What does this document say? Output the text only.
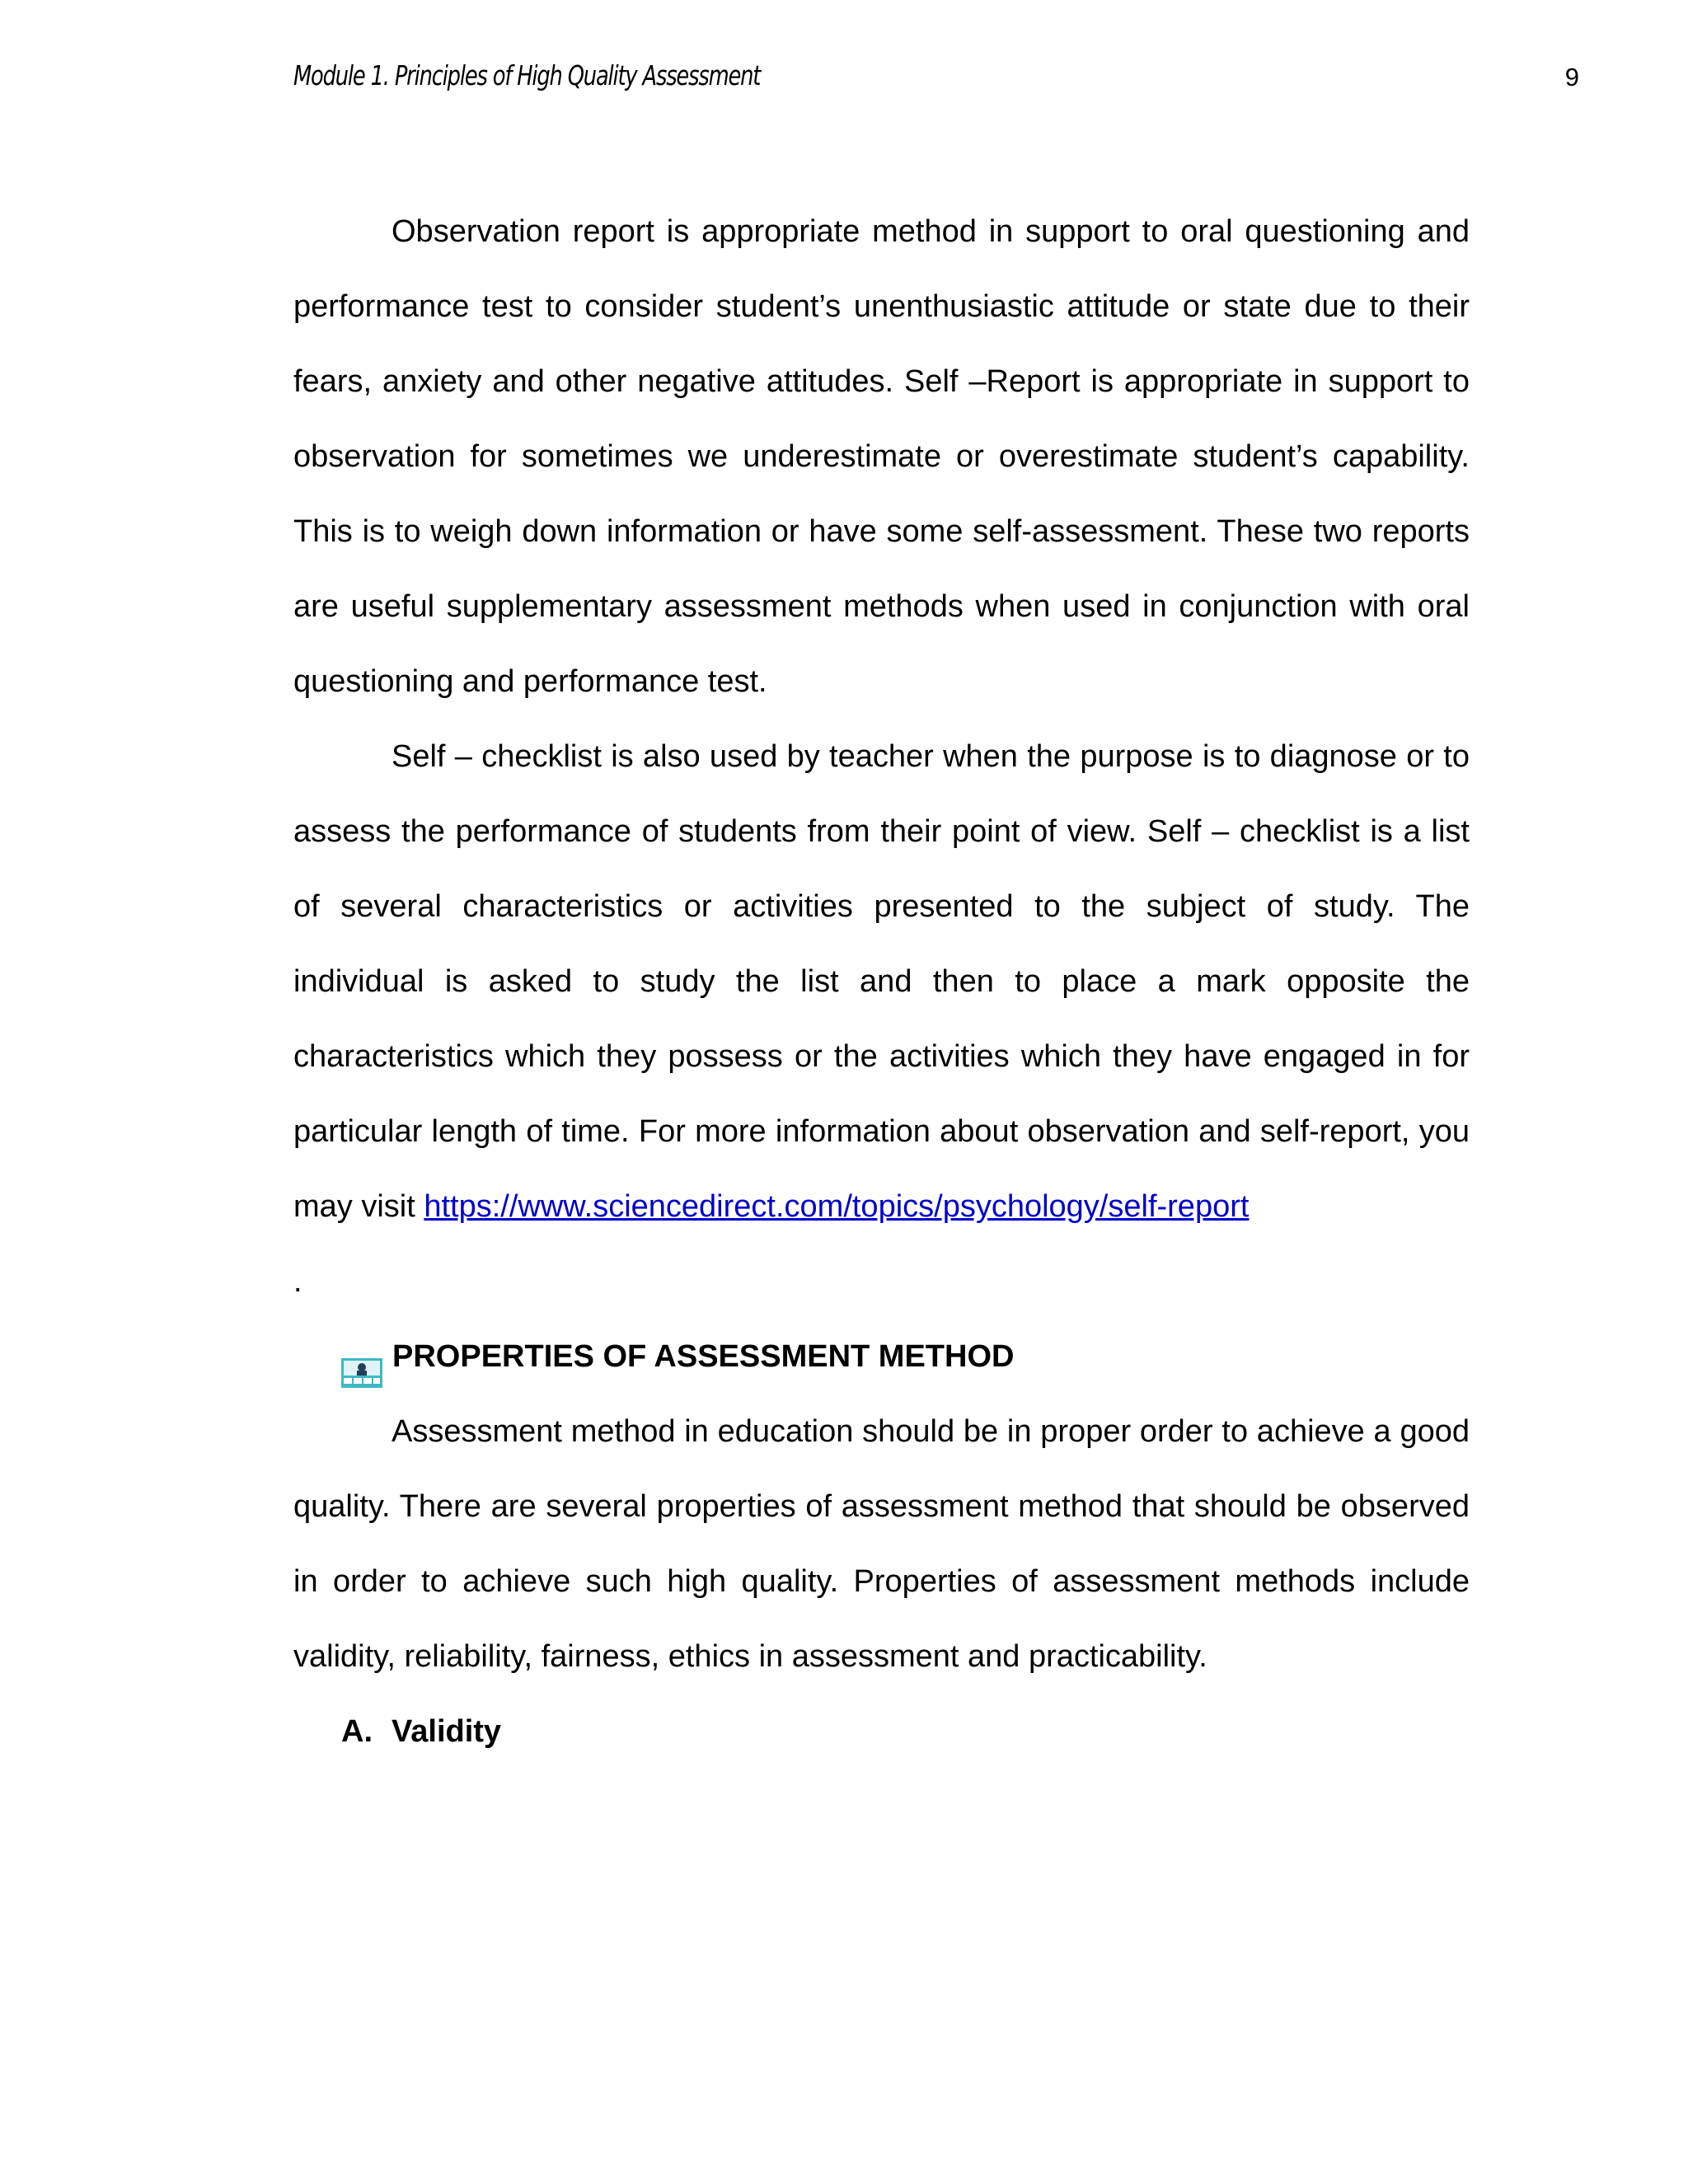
Module 1. Principles of High Quality Assessment	9

Observation report is appropriate method in support to oral questioning and performance test to consider student’s unenthusiastic attitude or state due to their fears, anxiety and other negative attitudes. Self –Report is appropriate in support to observation for sometimes we underestimate or overestimate student’s capability. This is to weigh down information or have some self-assessment. These two reports are useful supplementary assessment methods when used in conjunction with oral questioning and performance test.

Self – checklist is also used by teacher when the purpose is to diagnose or to assess the performance of students from their point of view. Self – checklist is a list of several characteristics or activities presented to the subject of study. The individual is asked to study the list and then to place a mark opposite the characteristics which they possess or the activities which they have engaged in for particular length of time. For more information about observation and self-report, you may visit https://www.sciencedirect.com/topics/psychology/self-report

.

PROPERTIES OF ASSESSMENT METHOD

Assessment method in education should be in proper order to achieve a good quality. There are several properties of assessment method that should be observed in order to achieve such high quality. Properties of assessment methods include validity, reliability, fairness, ethics in assessment and practicability.

A. Validity
